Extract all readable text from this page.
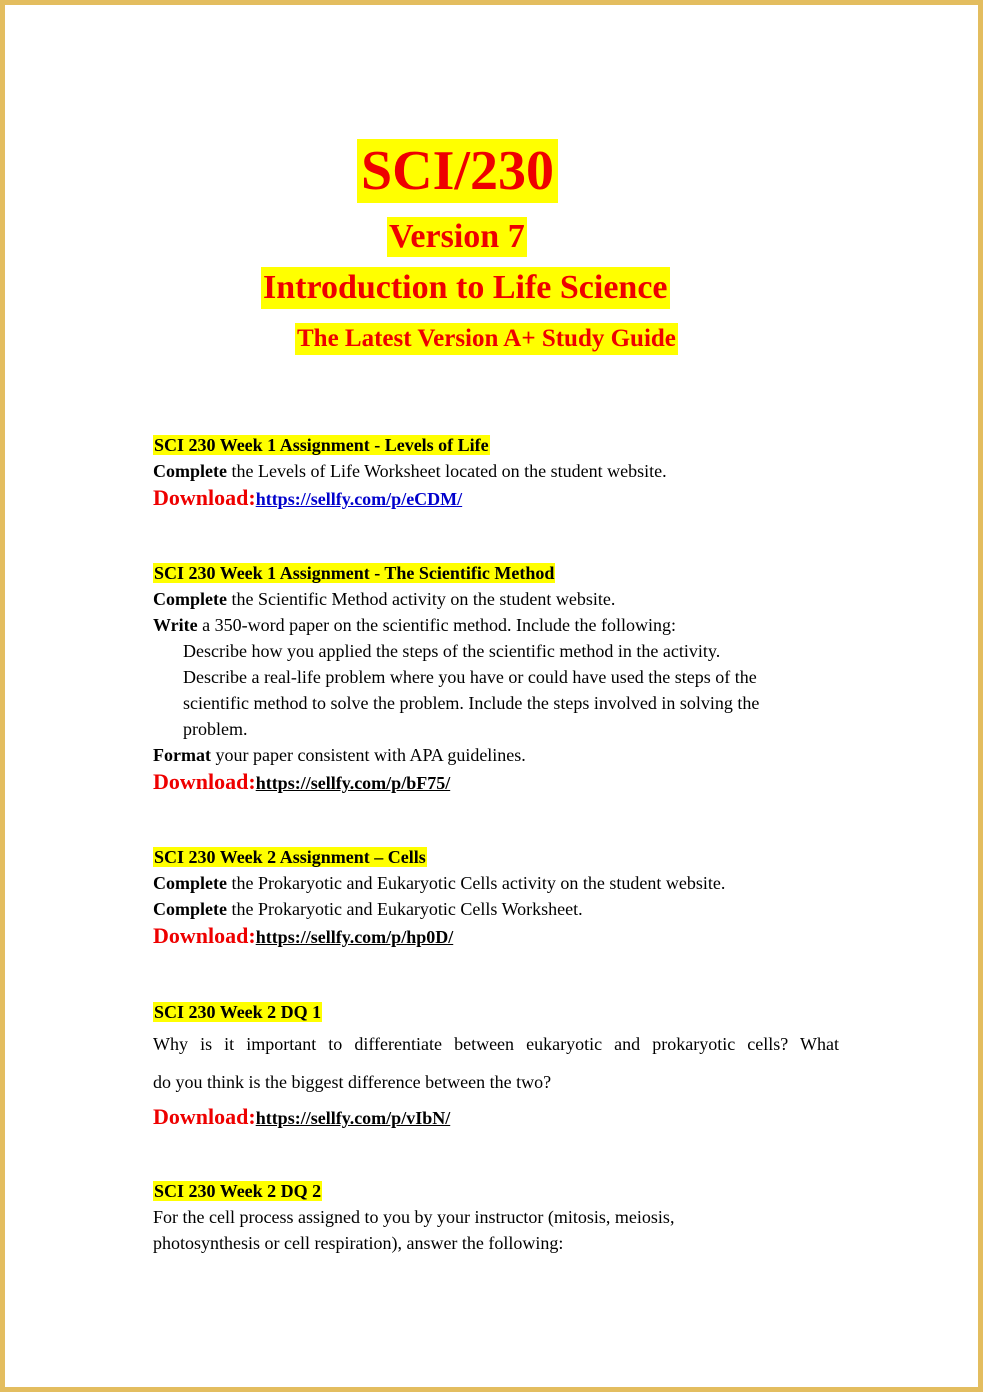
SCI/230
Version 7
Introduction to Life Science
The Latest Version A+ Study Guide
SCI 230 Week 1 Assignment - Levels of Life
Complete the Levels of Life Worksheet located on the student website.
Download:https://sellfy.com/p/eCDM/
SCI 230 Week 1 Assignment - The Scientific Method
Complete the Scientific Method activity on the student website.
Write a 350-word paper on the scientific method. Include the following:
Describe how you applied the steps of the scientific method in the activity.
Describe a real-life problem where you have or could have used the steps of the
scientific method to solve the problem. Include the steps involved in solving the
problem.
Format your paper consistent with APA guidelines.
Download:https://sellfy.com/p/bF75/
SCI 230 Week 2 Assignment – Cells
Complete the Prokaryotic and Eukaryotic Cells activity on the student website.
Complete the Prokaryotic and Eukaryotic Cells Worksheet.
Download:https://sellfy.com/p/hp0D/
SCI 230 Week 2 DQ 1
Why is it important to differentiate between eukaryotic and prokaryotic cells? What
do you think is the biggest difference between the two?
Download:https://sellfy.com/p/vIbN/
SCI 230 Week 2 DQ 2
For the cell process assigned to you by your instructor (mitosis, meiosis,
photosynthesis or cell respiration), answer the following:
